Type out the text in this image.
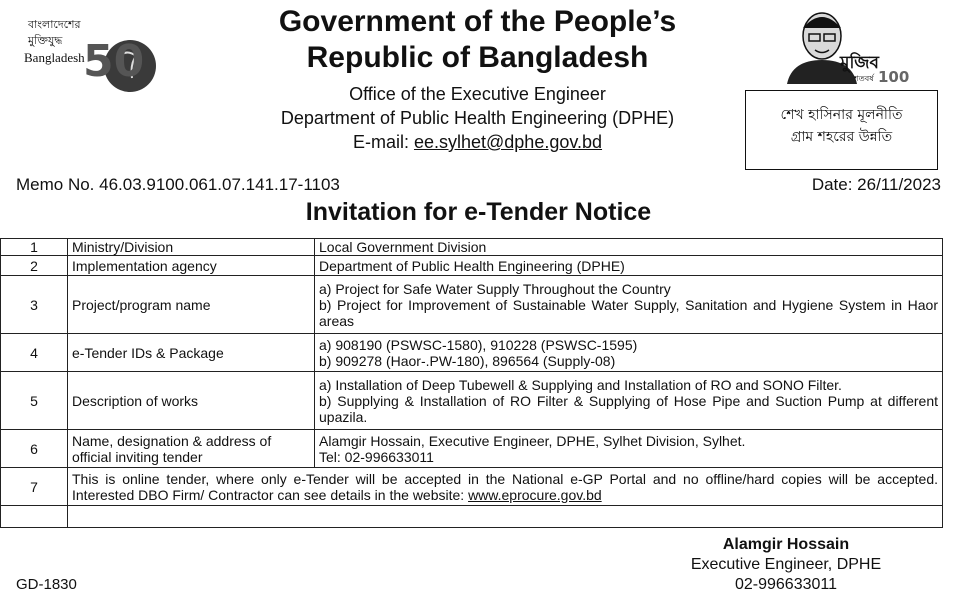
বাংলাদেশের
মুক্তিযুদ্ধ
Bangladesh
50	মুজিব
শতবর্ষ 100
Government of the People’s
Republic of Bangladesh
Office of the Executive Engineer
Department of Public Health Engineering (DPHE)
E-mail: ee.sylhet@dphe.gov.bd
শেখ হাসিনার মূলনীতি
গ্রাম শহরের উন্নতি
Memo No. 46.03.9100.061.07.141.17-1103	Date: 26/11/2023
Invitation for e-Tender Notice
1	Ministry/Division	Local Government Division

2	Implementation agency	Department of Public Health Engineering (DPHE)

3	Project/program name	a) Project for Safe Water Supply Throughout the Country
b) Project for Improvement of Sustainable Water Supply, Sanitation and Hygiene System in Haor areas

4	e-Tender IDs & Package	a) 908190 (PSWSC-1580), 910228 (PSWSC-1595)
b) 909278 (Haor-.PW-180), 896564 (Supply-08)

5	Description of works	a) Installation of Deep Tubewell & Supplying and Installation of RO and SONO Filter.
b) Supplying & Installation of RO Filter & Supplying of Hose Pipe and Suction Pump at different upazila.

6	Name, designation & address of official inviting tender	Alamgir Hossain, Executive Engineer, DPHE, Sylhet Division, Sylhet.
Tel: 02-996633011

7	This is online tender, where only e-Tender will be accepted in the National e-GP Portal and no offline/hard copies will be accepted. Interested DBO Firm/ Contractor can see details in the website: www.eprocure.gov.bd	

Alamgir Hossain
Executive Engineer, DPHE
02-996633011
GD-1830
